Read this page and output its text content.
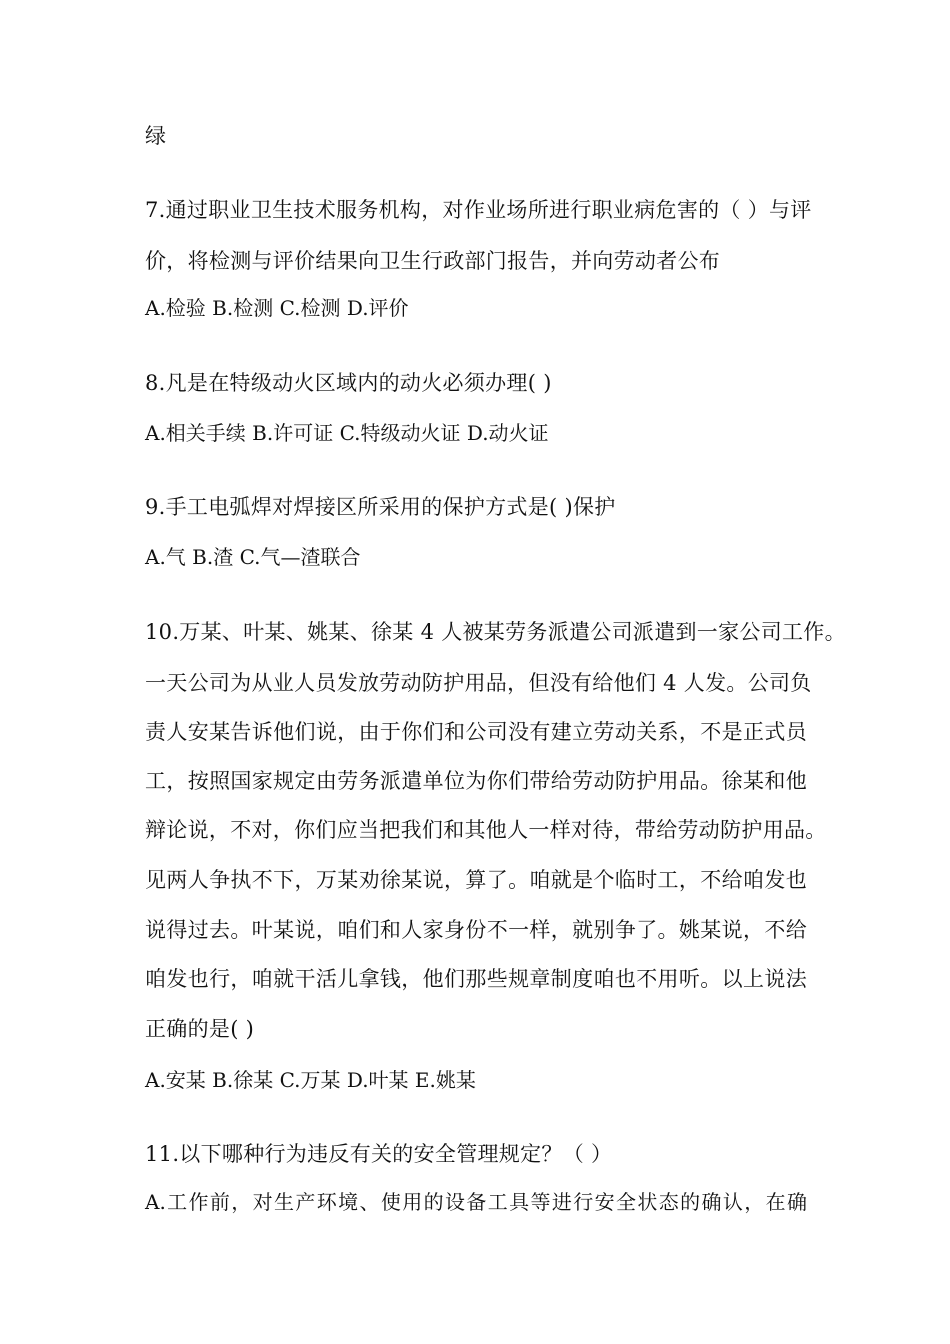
绿
7.通过职业卫生技术服务机构，对作业场所进行职业病危害的（ ）与评
价，将检测与评价结果向卫生行政部门报告，并向劳动者公布
A.检验 B.检测 C.检测 D.评价
8.凡是在特级动火区域内的动火必须办理( )
A.相关手续 B.许可证 C.特级动火证 D.动火证
9.手工电弧焊对焊接区所采用的保护方式是( )保护
A.气 B.渣 C.气—渣联合
10.万某、叶某、姚某、徐某 4 人被某劳务派遣公司派遣到一家公司工作。
一天公司为从业人员发放劳动防护用品，但没有给他们 4 人发。公司负
责人安某告诉他们说，由于你们和公司没有建立劳动关系，不是正式员
工，按照国家规定由劳务派遣单位为你们带给劳动防护用品。徐某和他
辩论说，不对，你们应当把我们和其他人一样对待，带给劳动防护用品。
见两人争执不下，万某劝徐某说，算了。咱就是个临时工，不给咱发也
说得过去。叶某说，咱们和人家身份不一样，就别争了。姚某说，不给
咱发也行，咱就干活儿拿钱，他们那些规章制度咱也不用听。以上说法
正确的是( )
A.安某 B.徐某 C.万某 D.叶某 E.姚某
11.以下哪种行为违反有关的安全管理规定？（ ）
A.工作前，对生产环境、使用的设备工具等进行安全状态的确认，在确
